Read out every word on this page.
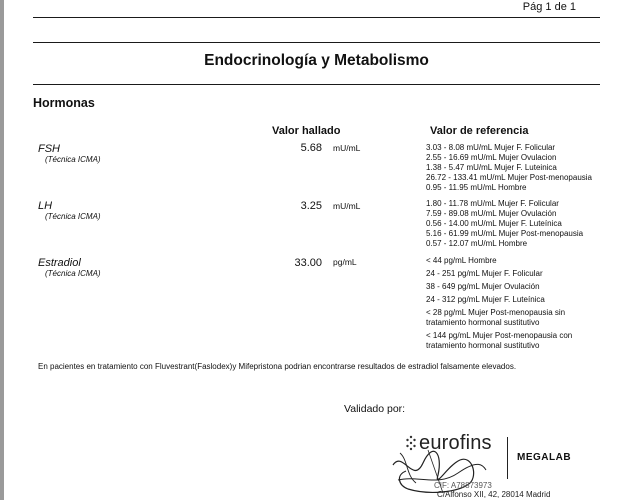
Pág 1 de 1
Endocrinología y Metabolismo
Hormonas
Valor hallado	Valor de referencia
FSH
(Técnica ICMA)
5.68 mU/mL	3.03 - 8.08 mU/mL Mujer F. Folicular
2.55 - 16.69 mU/mL Mujer Ovulacion
1.38 - 5.47 mU/mL Mujer F. Luteinica
26.72 - 133.41 mU/mL Mujer Post-menopausia
0.95 - 11.95 mU/mL Hombre
LH
(Técnica ICMA)
3.25 mU/mL	1.80 - 11.78 mU/mL Mujer F. Folicular
7.59 - 89.08 mU/mL Mujer Ovulación
0.56 - 14.00 mU/mL Mujer F. Luteínica
5.16 - 61.99 mU/mL Mujer Post-menopausia
0.57 - 12.07 mU/mL Hombre
Estradiol
(Técnica ICMA)
33.00 pg/mL	< 44 pg/mL Hombre
24 - 251 pg/mL Mujer F. Folicular
38 - 649 pg/mL Mujer Ovulación
24 - 312 pg/mL Mujer F. Luteínica
< 28 pg/mL Mujer Post-menopausia sin tratamiento hormonal sustitutivo
< 144 pg/mL Mujer Post-menopausia con tratamiento hormonal sustitutivo
En pacientes en tratamiento con Fluvestrant(Faslodex)y Mifepristona podrian encontrarse resultados de estradiol falsamente elevados.
Validado por:
eurofins
MEGALAB
CIF: A78873973
C/Alfonso XII, 42, 28014 Madrid
